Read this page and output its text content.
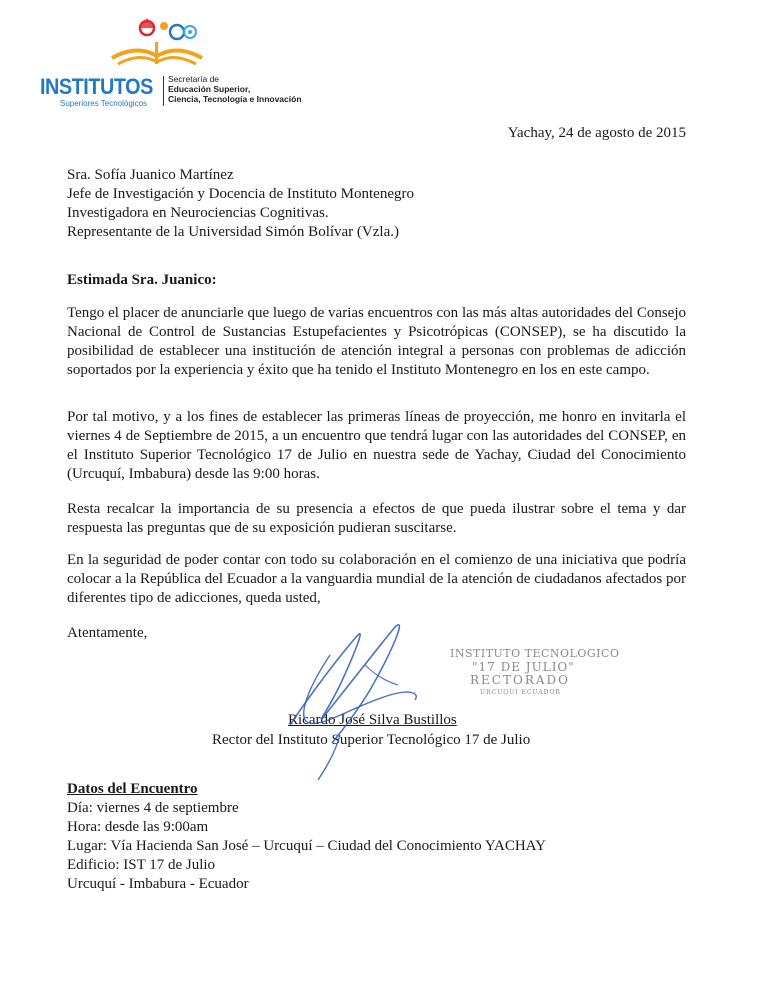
INSTITUTOS
Superiores Tecnológicos
Secretaría de
Educación Superior,
Ciencia, Tecnología e Innovación
Yachay, 24 de agosto de 2015
Sra. Sofía Juanico Martínez
Jefe de Investigación y Docencia de Instituto Montenegro
Investigadora en Neurociencias Cognitivas.
Representante de la Universidad Simón Bolívar (Vzla.)
Estimada Sra. Juanico:

Tengo el placer de anunciarle que luego de varias encuentros con las más altas autoridades del Consejo Nacional de Control de Sustancias Estupefacientes y Psicotrópicas (CONSEP), se ha discutido la posibilidad de establecer una institución de atención integral a personas con problemas de adicción soportados por la experiencia y éxito que ha tenido el Instituto Montenegro en los en este campo.

Por tal motivo, y a los fines de establecer las primeras líneas de proyección, me honro en invitarla el viernes 4 de Septiembre de 2015, a un encuentro que tendrá lugar con las autoridades del CONSEP, en el Instituto Superior Tecnológico 17 de Julio en nuestra sede de Yachay, Ciudad del Conocimiento (Urcuquí, Imbabura) desde las 9:00 horas.

Resta recalcar la importancia de su presencia a efectos de que pueda ilustrar sobre el tema y dar respuesta las preguntas que de su exposición pudieran suscitarse.

En la seguridad de poder contar con todo su colaboración en el comienzo de una iniciativa que podría colocar a la República del Ecuador a la vanguardia mundial de la atención de ciudadanos afectados por diferentes tipo de adicciones, queda usted,

Atentamente,
INSTITUTO TECNOLOGICO
"17 DE JULIO"
RECTORADO
URCUQUI ECUADOR
Ricardo José Silva Bustillos
Rector del Instituto Superior Tecnológico 17 de Julio
Datos del Encuentro
Día: viernes 4 de septiembre
Hora: desde las 9:00am
Lugar: Vía Hacienda San José – Urcuquí – Ciudad del Conocimiento YACHAY
Edificio: IST 17 de Julio
Urcuquí - Imbabura - Ecuador
